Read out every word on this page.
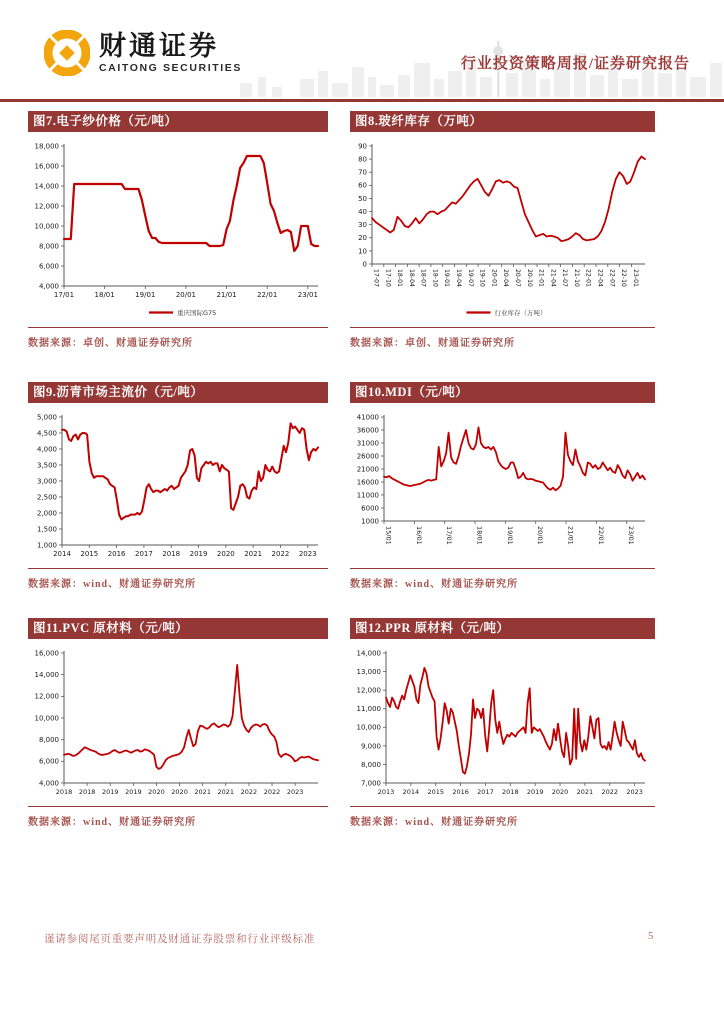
财通证券
CAITONG SECURITIES	行业投资策略周报/证券研究报告
图7.电子纱价格（元/吨）
4,000
6,000
8,000
10,000
12,000
14,000
16,000
18,000
17/01	18/01	19/01	20/01	21/01	22/01	23/01
重庆国际G75
数据来源：卓创、财通证券研究所
图8.玻纤库存（万吨）
0
10
20
30
40
50
60
70
80
90
17-07 17-10 18-01 18-04 18-07 18-10 19-01 19-04 19-07 19-10 20-01 20-04 20-07 20-10 21-01 21-04 21-07 21-10 22-01 22-04 22-07 22-10 23-01
行业库存（万吨）
数据来源：卓创、财通证券研究所
图9.沥青市场主流价（元/吨）
1,000
1,500
2,000
2,500
3,000
3,500
4,000
4,500
5,000
2014 2015 2016 2017 2018 2019 2020 2021 2022 2023
数据来源：wind、财通证券研究所
图10.MDI（元/吨）
1000
6000
11000
16000
21000
26000
31000
36000
41000
15/01	16/01	17/01	18/01	19/01	20/01	21/01	22/01	23/01
数据来源：wind、财通证券研究所
图11.PVC 原材料（元/吨）
4,000
6,000
8,000
10,000
12,000
14,000
16,000
2018 2018 2019 2019 2020 2020 2021 2021 2022 2022 2023
数据来源：wind、财通证券研究所
图12.PPR 原材料（元/吨）
7,000
8,000
9,000
10,000
11,000
12,000
13,000
14,000
2013 2014 2015 2016 2017 2018 2019 2020 2021 2022 2023
数据来源：wind、财通证券研究所
谨请参阅尾页重要声明及财通证券股票和行业评级标准	5
